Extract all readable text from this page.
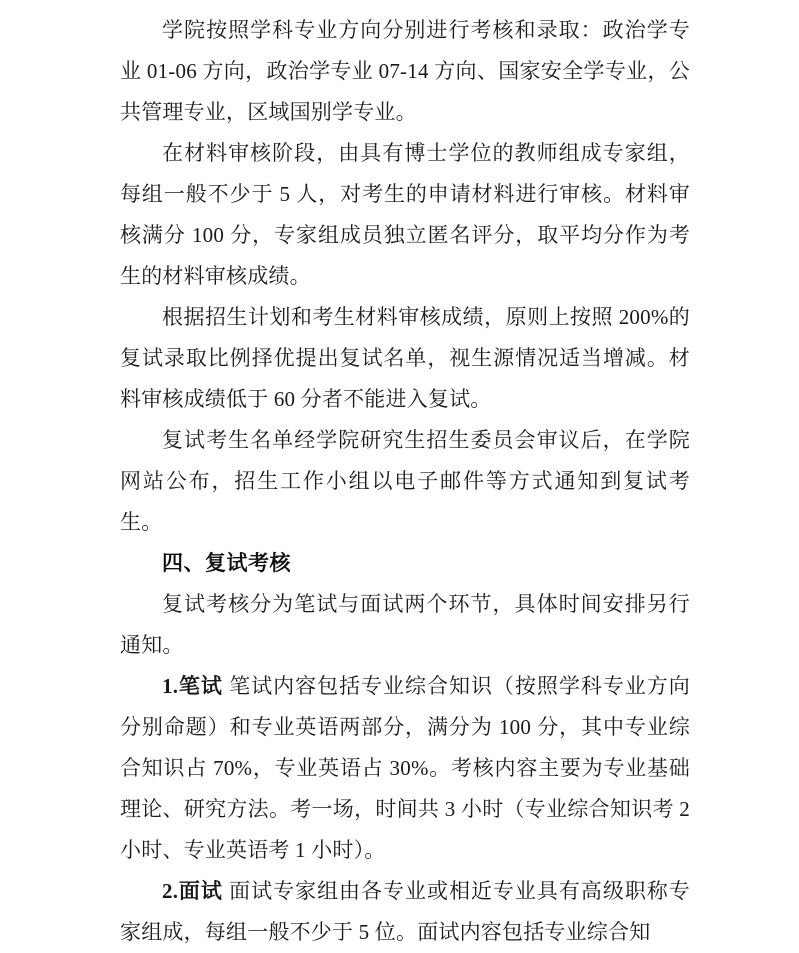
学院按照学科专业方向分别进行考核和录取：政治学专业 01-06 方向，政治学专业 07-14 方向、国家安全学专业，公共管理专业，区域国别学专业。

在材料审核阶段，由具有博士学位的教师组成专家组，每组一般不少于 5 人，对考生的申请材料进行审核。材料审核满分 100 分，专家组成员独立匿名评分，取平均分作为考生的材料审核成绩。

根据招生计划和考生材料审核成绩，原则上按照 200%的复试录取比例择优提出复试名单，视生源情况适当增减。材料审核成绩低于 60 分者不能进入复试。

复试考生名单经学院研究生招生委员会审议后，在学院网站公布，招生工作小组以电子邮件等方式通知到复试考生。

四、复试考核

复试考核分为笔试与面试两个环节，具体时间安排另行通知。

1.笔试 笔试内容包括专业综合知识（按照学科专业方向分别命题）和专业英语两部分，满分为 100 分，其中专业综合知识占 70%，专业英语占 30%。考核内容主要为专业基础理论、研究方法。考一场，时间共 3 小时（专业综合知识考 2 小时、专业英语考 1 小时）。

2.面试 面试专家组由各专业或相近专业具有高级职称专家组成，每组一般不少于 5 位。面试内容包括专业综合知
